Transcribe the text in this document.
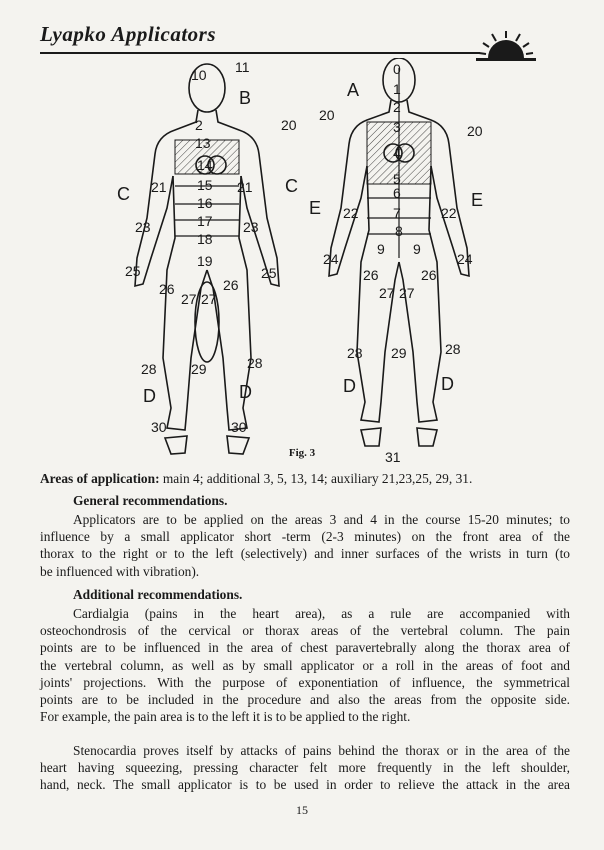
Lyapko Applicators
10 11
B
20
2
13
14
C 21 15 21 C
16
17
23
18
23
19
25	25
26	26
27 27
28	28
29
D	D
30	30
0
A 1
20	2
3	20
4
5
E 22
6
7	22
E
8
24
9 9
24
26	26
27 27
28 29	28
D	D
31
Fig. 3
Areas of application: main 4; additional 3, 5, 13, 14; auxiliary 21,23,25, 29, 31.
General recommendations.
Applicators are to be applied on the areas 3 and 4 in the course 15-20 minutes; to
influence by a small applicator short -term (2-3 minutes) on the front area of the
thorax to the right or to the left (selectively) and inner surfaces of the wrists in turn (to
be influenced with vibration).
Additional recommendations.
Cardialgia (pains in the heart area), as a rule are accompanied with
osteochondrosis of the cervical or thorax areas of the vertebral column. The pain
points are to be influenced in the area of chest paravertebrally along the thorax area of
the vertebral column, as well as by small applicator or a roll in the areas of foot and
joints' projections. With the purpose of exponentiation of influence, the symmetrical
points are to be included in the procedure and also the areas from the opposite side.
For example, the pain area is to the left it is to be applied to the right.
Stenocardia proves itself by attacks of pains behind the thorax or in the area of the
heart having squeezing, pressing character felt more frequently in the left shoulder,
hand, neck. The small applicator is to be used in order to relieve the attack in the area
15
